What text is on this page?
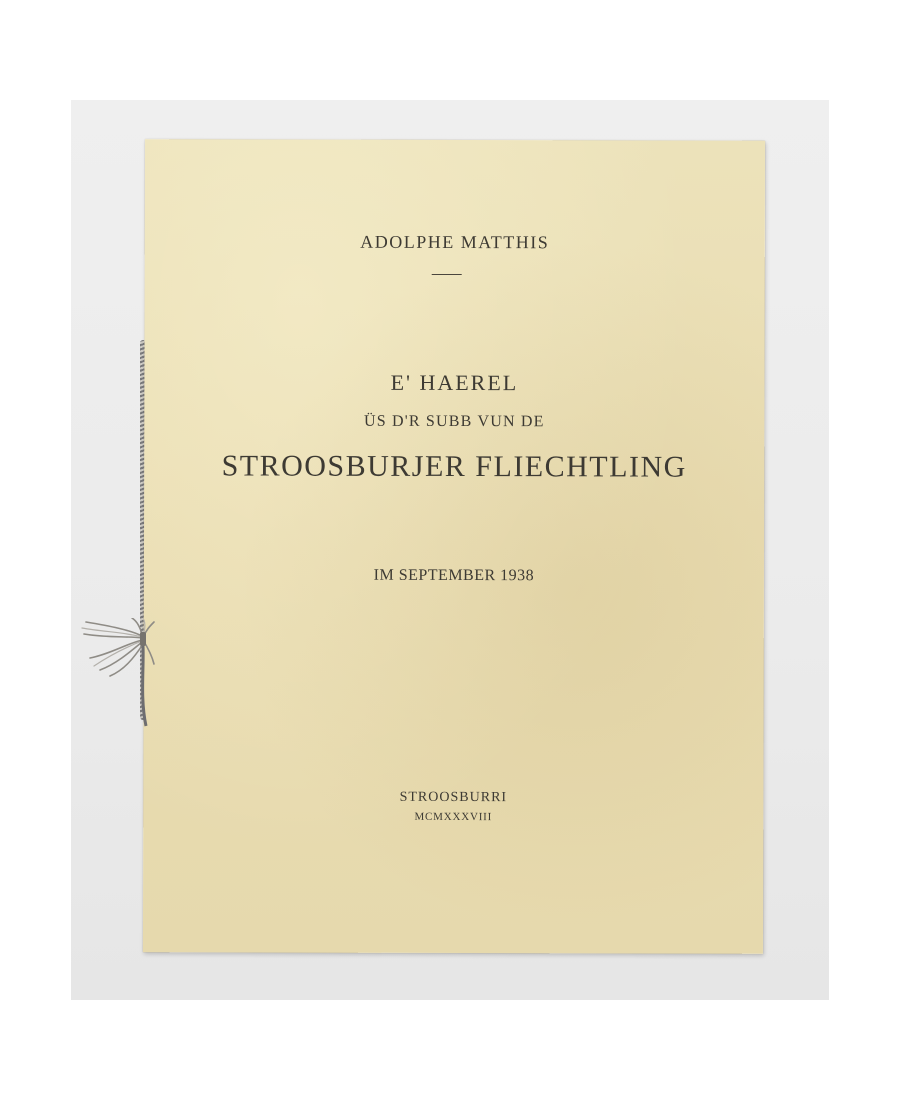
ADOLPHE MATTHIS
E' HAEREL
ÜS D'R SUBB VUN DE
STROOSBURJER FLIECHTLING
IM SEPTEMBER 1938
STROOSBURRI
MCMXXXVIII
